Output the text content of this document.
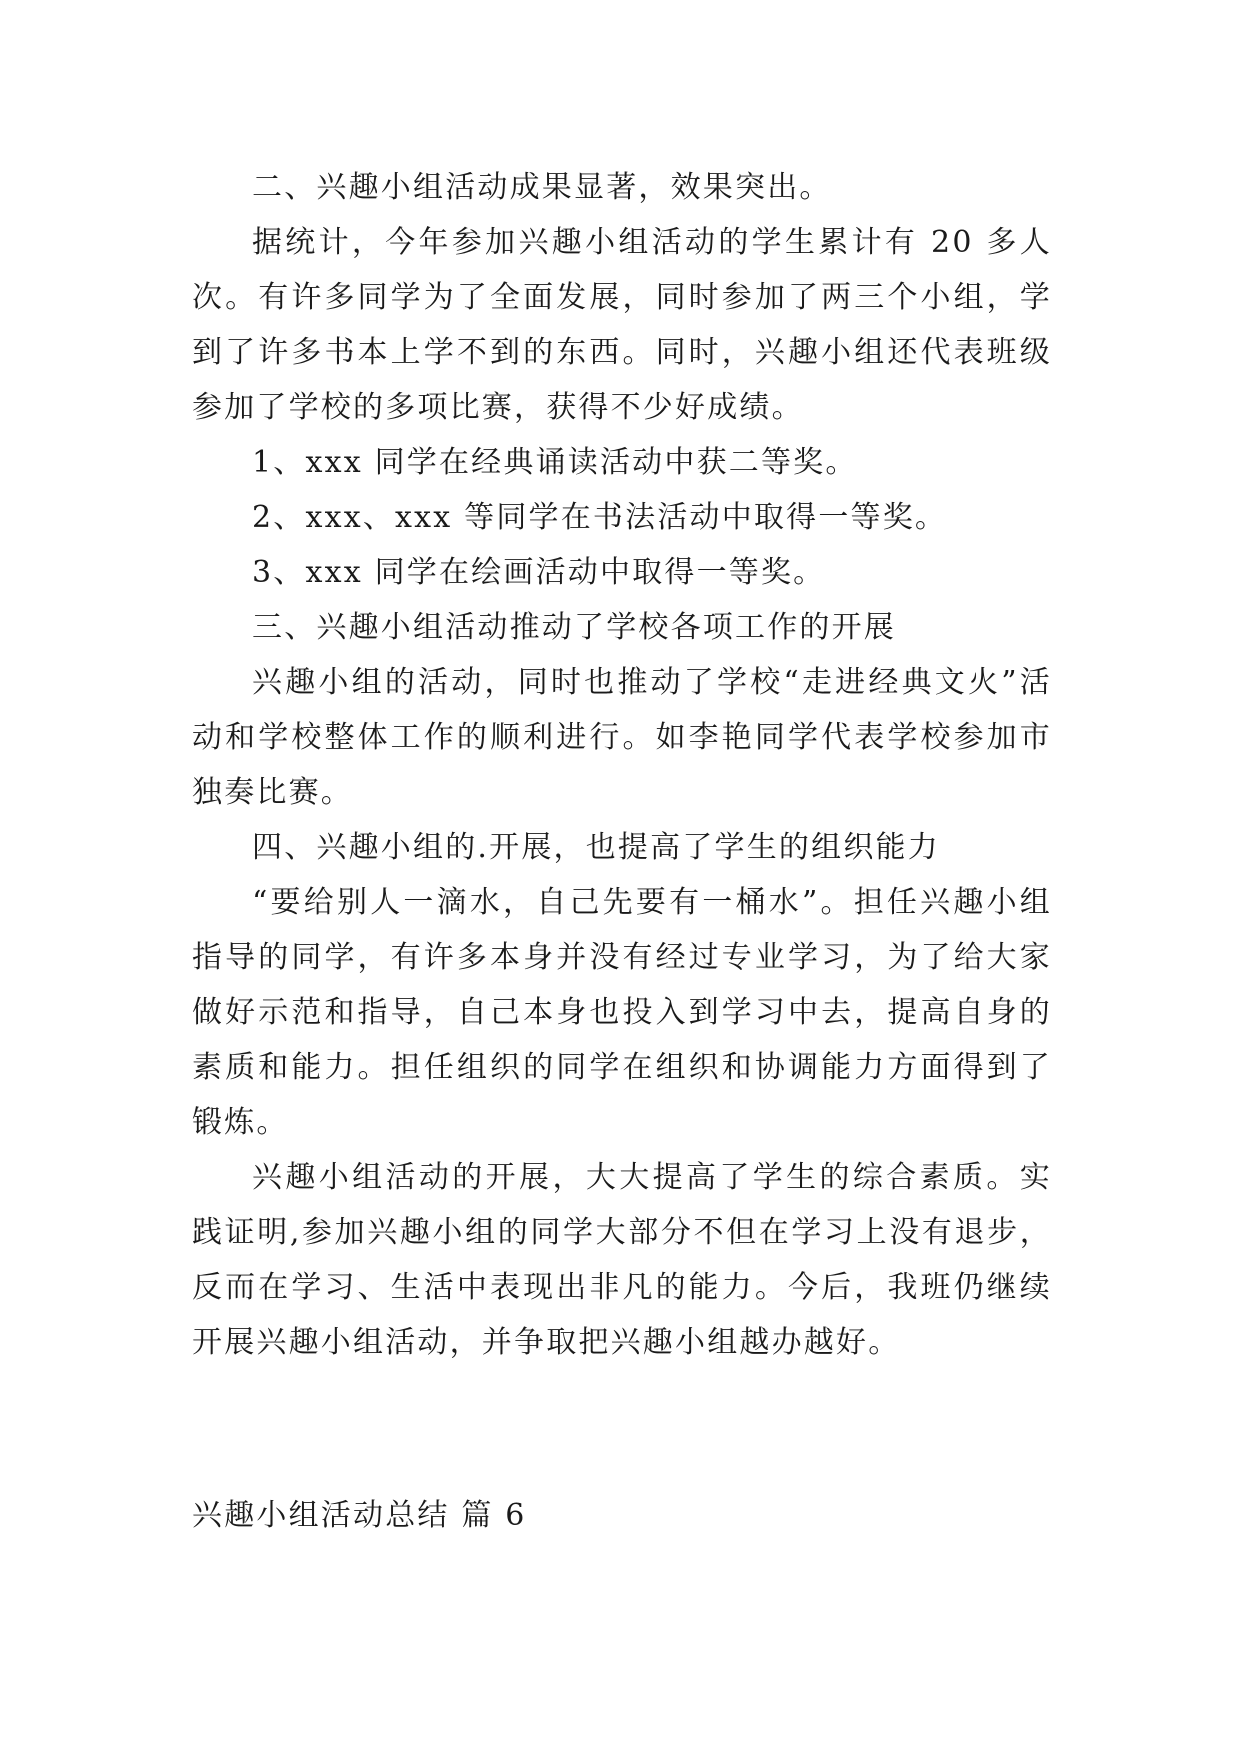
二、兴趣小组活动成果显著，效果突出。

据统计，今年参加兴趣小组活动的学生累计有 20 多人次。有许多同学为了全面发展，同时参加了两三个小组，学到了许多书本上学不到的东西。同时，兴趣小组还代表班级参加了学校的多项比赛，获得不少好成绩。

1、xxx 同学在经典诵读活动中获二等奖。

2、xxx、xxx 等同学在书法活动中取得一等奖。

3、xxx 同学在绘画活动中取得一等奖。

三、兴趣小组活动推动了学校各项工作的开展

兴趣小组的活动，同时也推动了学校“走进经典文火”活动和学校整体工作的顺利进行。如李艳同学代表学校参加市独奏比赛。

四、兴趣小组的.开展，也提高了学生的组织能力

“要给别人一滴水，自己先要有一桶水”。担任兴趣小组指导的同学，有许多本身并没有经过专业学习，为了给大家做好示范和指导，自己本身也投入到学习中去，提高自身的素质和能力。担任组织的同学在组织和协调能力方面得到了锻炼。

兴趣小组活动的开展，大大提高了学生的综合素质。实践证明,参加兴趣小组的同学大部分不但在学习上没有退步，反而在学习、生活中表现出非凡的能力。今后，我班仍继续开展兴趣小组活动，并争取把兴趣小组越办越好。

兴趣小组活动总结 篇 6
